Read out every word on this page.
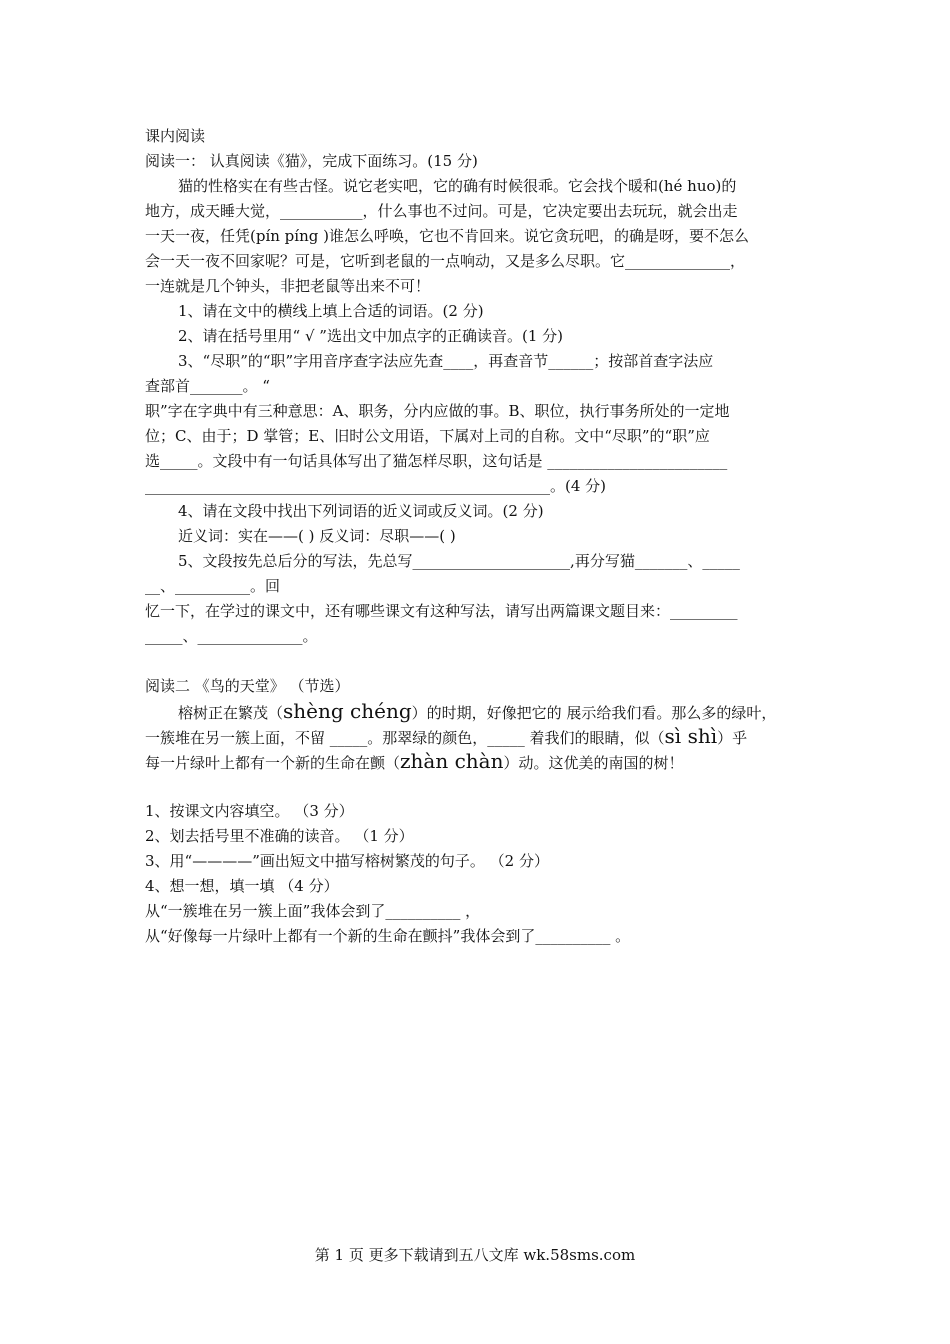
课内阅读
阅读一： 认真阅读《猫》，完成下面练习。(15 分)
猫的性格实在有些古怪。说它老实吧，它的确有时候很乖。它会找个暖和(hé huo)的
地方，成天睡大觉，___________，什么事也不过问。可是，它决定要出去玩玩，就会出走
一天一夜，任凭(pín píng )谁怎么呼唤，它也不肯回来。说它贪玩吧，的确是呀，要不怎么
会一天一夜不回家呢？可是，它听到老鼠的一点响动，又是多么尽职。它______________，
一连就是几个钟头，非把老鼠等出来不可！
1、请在文中的横线上填上合适的词语。(2 分)
2、请在括号里用“ √ ”选出文中加点字的正确读音。(1 分)
3、“尽职”的“职”字用音序查字法应先查____，再查音节______；按部首查字法应
查部首_______。 “
职”字在字典中有三种意思：A、职务，分内应做的事。B、职位，执行事务所处的一定地
位；C、由于；D 掌管；E、旧时公文用语，下属对上司的自称。文中“尽职”的“职”应
选_____。文段中有一句话具体写出了猫怎样尽职，这句话是 ________________________
______________________________________________________。(4 分)
4、请在文段中找出下列词语的近义词或反义词。(2 分)
近义词：实在——( ) 反义词：尽职——( )
5、文段按先总后分的写法，先总写_____________________,再分写猫_______、_____
__、__________。回
忆一下，在学过的课文中，还有哪些课文有这种写法，请写出两篇课文题目来：_________
_____、______________。
阅读二 《鸟的天堂》 （节选）
榕树正在繁茂（shèng chéng）的时期，好像把它的 展示给我们看。那么多的绿叶，
一簇堆在另一簇上面，不留 _____。那翠绿的颜色，_____ 着我们的眼睛，似（sì shì）乎
每一片绿叶上都有一个新的生命在颤（zhàn chàn）动。这优美的南国的树！
1、按课文内容填空。 （3 分）
2、划去括号里不准确的读音。 （1 分）
3、用“————”画出短文中描写榕树繁茂的句子。 （2 分）
4、想一想，填一填 （4 分）
从“一簇堆在另一簇上面”我体会到了__________ ，
从“好像每一片绿叶上都有一个新的生命在颤抖”我体会到了__________ 。
第 1 页 更多下载请到五八文库 wk.58sms.com
